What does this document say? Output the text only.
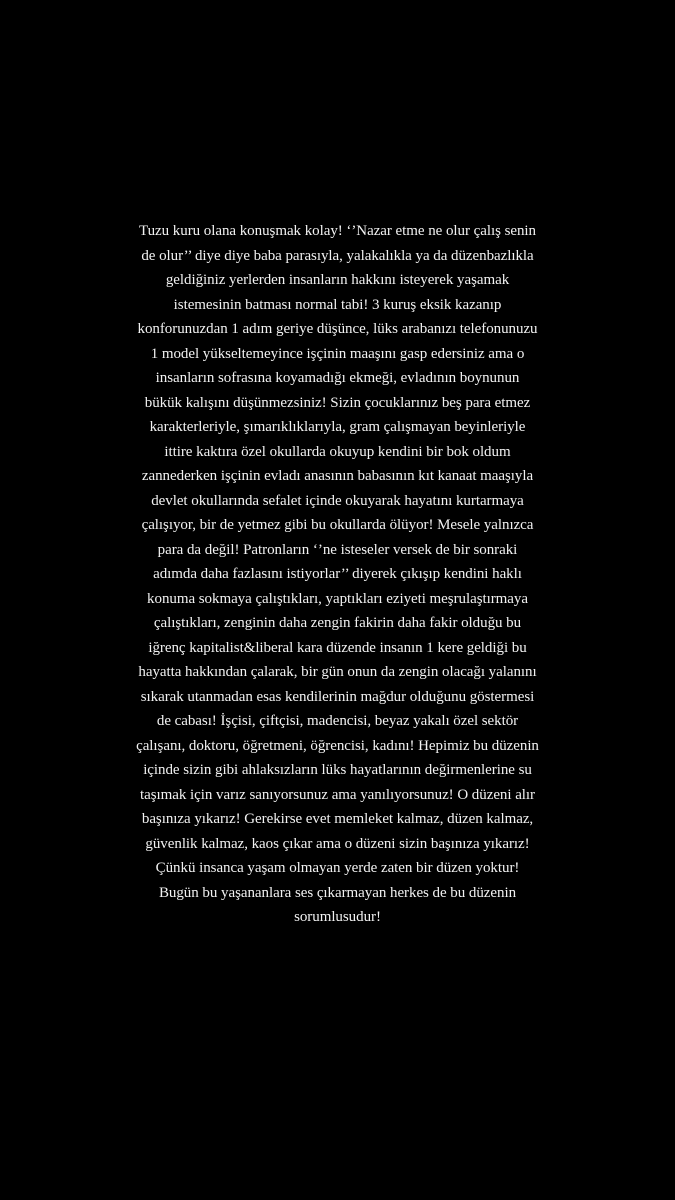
Tuzu kuru olana konuşmak kolay! ‘’Nazar etme ne olur çalış senin
de olur’’ diye diye baba parasıyla, yalakalıkla ya da düzenbazlıkla
geldiğiniz yerlerden insanların hakkını isteyerek yaşamak
istemesinin batması normal tabi! 3 kuruş eksik kazanıp
konforunuzdan 1 adım geriye düşünce, lüks arabanızı telefonunuzu
1 model yükseltemeyince işçinin maaşını gasp edersiniz ama o
insanların sofrasına koyamadığı ekmeği, evladının boynunun
bükük kalışını düşünmezsiniz! Sizin çocuklarınız beş para etmez
karakterleriyle, şımarıklıklarıyla, gram çalışmayan beyinleriyle
ittire kaktıra özel okullarda okuyup kendini bir bok oldum
zannederken işçinin evladı anasının babasının kıt kanaat maaşıyla
devlet okullarında sefalet içinde okuyarak hayatını kurtarmaya
çalışıyor, bir de yetmez gibi bu okullarda ölüyor! Mesele yalnızca
para da değil! Patronların ‘’ne isteseler versek de bir sonraki
adımda daha fazlasını istiyorlar’’ diyerek çıkışıp kendini haklı
konuma sokmaya çalıştıkları, yaptıkları eziyeti meşrulaştırmaya
çalıştıkları, zenginin daha zengin fakirin daha fakir olduğu bu
iğrenç kapitalist&liberal kara düzende insanın 1 kere geldiği bu
hayatta hakkından çalarak, bir gün onun da zengin olacağı yalanını
sıkarak utanmadan esas kendilerinin mağdur olduğunu göstermesi
de cabası! İşçisi, çiftçisi, madencisi, beyaz yakalı özel sektör
çalışanı, doktoru, öğretmeni, öğrencisi, kadını! Hepimiz bu düzenin
içinde sizin gibi ahlaksızların lüks hayatlarının değirmenlerine su
taşımak için varız sanıyorsunuz ama yanılıyorsunuz! O düzeni alır
başınıza yıkarız! Gerekirse evet memleket kalmaz, düzen kalmaz,
güvenlik kalmaz, kaos çıkar ama o düzeni sizin başınıza yıkarız!
Çünkü insanca yaşam olmayan yerde zaten bir düzen yoktur!
Bugün bu yaşananlara ses çıkarmayan herkes de bu düzenin
sorumlusudur!
